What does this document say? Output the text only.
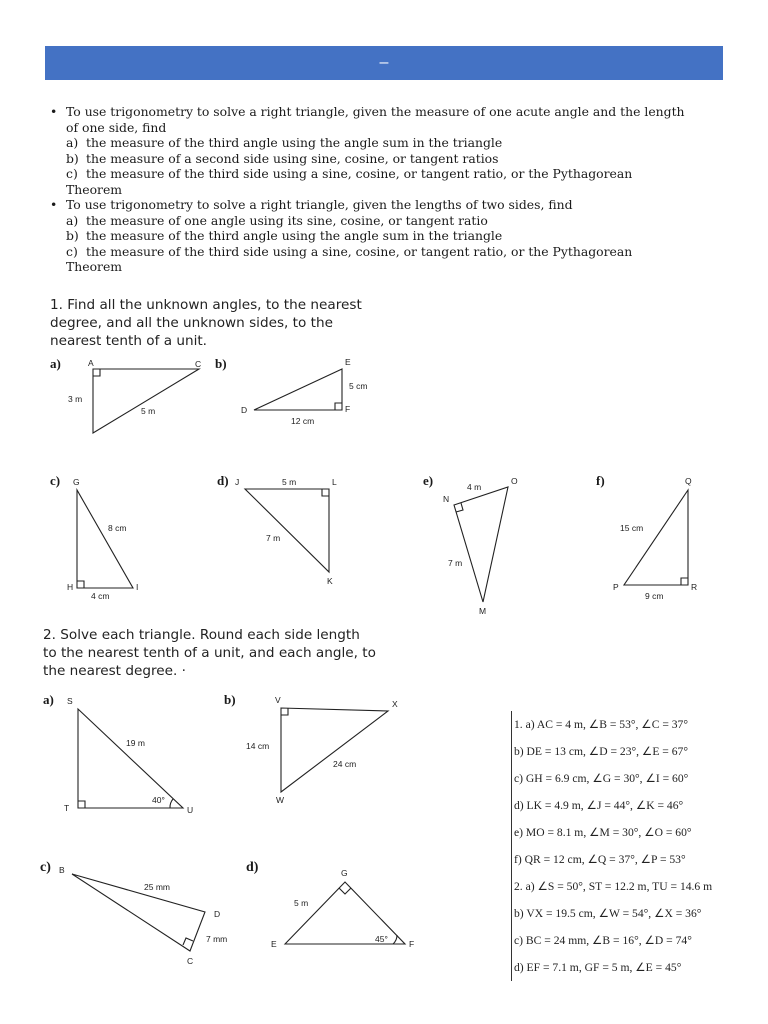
–
• To use trigonometry to solve a right triangle, given the measure of one acute angle and the length of one side, find
a) the measure of the third angle using the angle sum in the triangle
b) the measure of a second side using sine, cosine, or tangent ratios
c) the measure of the third side using a sine, cosine, or tangent ratio, or the Pythagorean Theorem
• To use trigonometry to solve a right triangle, given the lengths of two sides, find
a) the measure of one angle using its sine, cosine, or tangent ratio
b) the measure of the third angle using the angle sum in the triangle
c) the measure of the third side using a sine, cosine, or tangent ratio, or the Pythagorean Theorem
1. Find all the unknown angles, to the nearest
degree, and all the unknown sides, to the
nearest tenth of a unit.
a)	b)
c)	d)	e)	f)
2. Solve each triangle. Round each side length
to the nearest tenth of a unit, and each angle, to
the nearest degree. ·
a)	b)
c)	d)
A	C
3 m
5 m
E
D	F
5 cm
12 cm
G
H	I
8 cm
4 cm
J	L
K
5 m
7 m
N
O
M
4 m
7 m
Q
P	R
15 cm
9 cm
S
T	U
19 m
40°
V	X
W
14 cm
24 cm
B
D
C
25 mm
7 mm
G
E	F
5 m
45°
1. a) AC = 4 m, ∠B = 53°, ∠C = 37°
b) DE = 13 cm, ∠D = 23°, ∠E = 67°
c) GH = 6.9 cm, ∠G = 30°, ∠I = 60°
d) LK = 4.9 m, ∠J = 44°, ∠K = 46°
e) MO = 8.1 m, ∠M = 30°, ∠O = 60°
f) QR = 12 cm, ∠Q = 37°, ∠P = 53°
2. a) ∠S = 50°, ST = 12.2 m, TU = 14.6 m
b) VX = 19.5 cm, ∠W = 54°, ∠X = 36°
c) BC = 24 mm, ∠B = 16°, ∠D = 74°
d) EF = 7.1 m, GF = 5 m, ∠E = 45°
